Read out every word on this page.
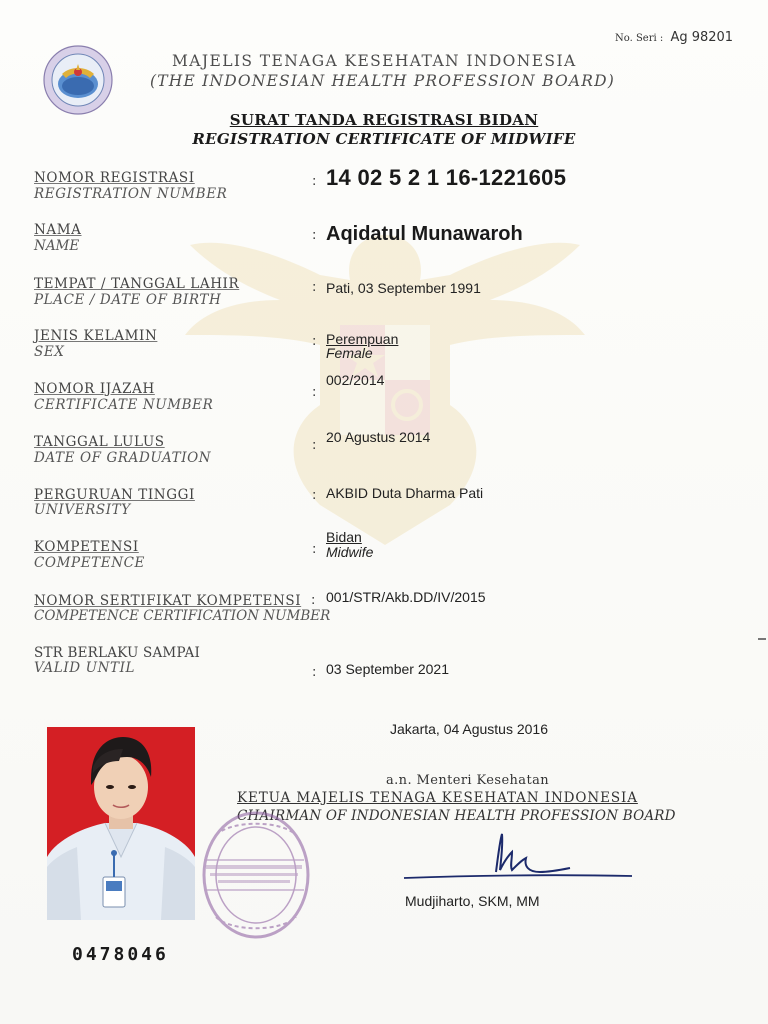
No. Seri : Ag 98201
MAJELIS TENAGA KESEHATAN INDONESIA
(THE INDONESIAN HEALTH PROFESSION BOARD)
SURAT TANDA REGISTRASI BIDAN
REGISTRATION CERTIFICATE OF MIDWIFE
NOMOR REGISTRASI
REGISTRATION NUMBER
: 14 02 5 2 1 16-1221605
NAMA
NAME
: Aqidatul Munawaroh
TEMPAT / TANGGAL LAHIR
PLACE / DATE OF BIRTH
: Pati, 03 September 1991
JENIS KELAMIN
SEX
: Perempuan
Female
NOMOR IJAZAH
CERTIFICATE NUMBER
:
002/2014
TANGGAL LULUS
DATE OF GRADUATION
:
20 Agustus 2014
PERGURUAN TINGGI
UNIVERSITY
: AKBID Duta Dharma Pati
KOMPETENSI
COMPETENCE
:
Bidan
Midwife
NOMOR SERTIFIKAT KOMPETENSI
COMPETENCE CERTIFICATION NUMBER
: 001/STR/Akb.DD/IV/2015
STR BERLAKU SAMPAI
VALID UNTIL	: 03 September 2021
Jakarta, 04 Agustus 2016
a.n. Menteri Kesehatan
KETUA MAJELIS TENAGA KESEHATAN INDONESIA
CHAIRMAN OF INDONESIAN HEALTH PROFESSION BOARD
Mudjiharto, SKM, MM
0478046
